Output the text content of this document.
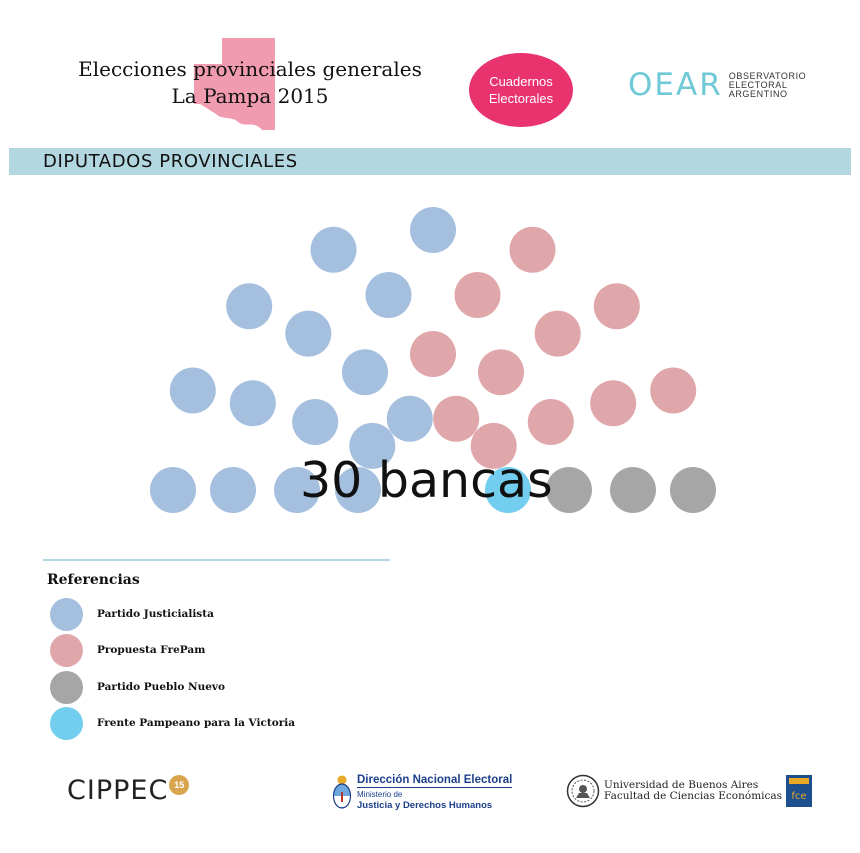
Elecciones provinciales generales
La Pampa 2015
Cuadernos
Electorales OEAR OBSERVATORIO
ELECTORAL
ARGENTINO
DIPUTADOS PROVINCIALES
30 bancas
Referencias
Partido Justicialista
Propuesta FrePam
Partido Pueblo Nuevo
Frente Pampeano para la Victoria
CIPPEC 15	Dirección Nacional Electoral
Ministerio de
Justicia y Derechos Humanos
Universidad de Buenos Aires
Facultad de Ciencias Económicas fce
